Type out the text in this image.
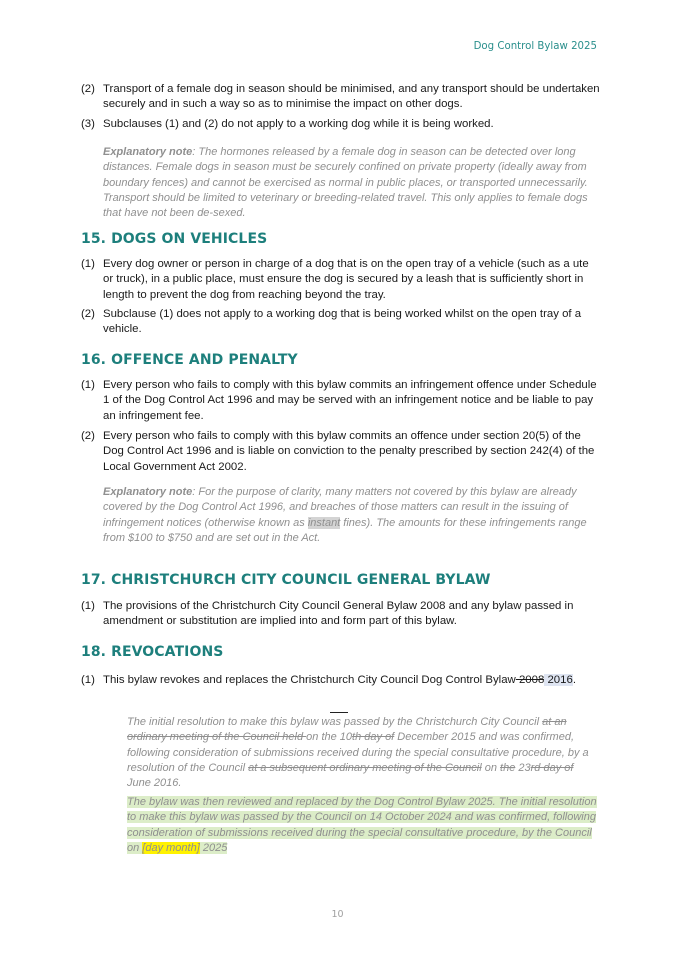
Dog Control Bylaw 2025
(2) Transport of a female dog in season should be minimised, and any transport should be undertaken securely and in such a way so as to minimise the impact on other dogs.
(3) Subclauses (1) and (2) do not apply to a working dog while it is being worked.
Explanatory note: The hormones released by a female dog in season can be detected over long distances. Female dogs in season must be securely confined on private property (ideally away from boundary fences) and cannot be exercised as normal in public places, or transported unnecessarily. Transport should be limited to veterinary or breeding-related travel. This only applies to female dogs that have not been de-sexed.
15. DOGS ON VEHICLES
(1) Every dog owner or person in charge of a dog that is on the open tray of a vehicle (such as a ute or truck), in a public place, must ensure the dog is secured by a leash that is sufficiently short in length to prevent the dog from reaching beyond the tray.
(2) Subclause (1) does not apply to a working dog that is being worked whilst on the open tray of a vehicle.
16. OFFENCE AND PENALTY
(1) Every person who fails to comply with this bylaw commits an infringement offence under Schedule 1 of the Dog Control Act 1996 and may be served with an infringement notice and be liable to pay an infringement fee.
(2) Every person who fails to comply with this bylaw commits an offence under section 20(5) of the Dog Control Act 1996 and is liable on conviction to the penalty prescribed by section 242(4) of the Local Government Act 2002.
Explanatory note: For the purpose of clarity, many matters not covered by this bylaw are already covered by the Dog Control Act 1996, and breaches of those matters can result in the issuing of infringement notices (otherwise known as instant fines). The amounts for these infringements range from $100 to $750 and are set out in the Act.
17. CHRISTCHURCH CITY COUNCIL GENERAL BYLAW
(1) The provisions of the Christchurch City Council General Bylaw 2008 and any bylaw passed in amendment or substitution are implied into and form part of this bylaw.
18. REVOCATIONS
(1) This bylaw revokes and replaces the Christchurch City Council Dog Control Bylaw 2008 2016.
The initial resolution to make this bylaw was passed by the Christchurch City Council at an ordinary meeting of the Council held on the 10th day of December 2015 and was confirmed, following consideration of submissions received during the special consultative procedure, by a resolution of the Council at a subsequent ordinary meeting of the Council on the 23rd day of June 2016.
The bylaw was then reviewed and replaced by the Dog Control Bylaw 2025. The initial resolution to make this bylaw was passed by the Council on 14 October 2024 and was confirmed, following consideration of submissions received during the special consultative procedure, by the Council on [day month] 2025
10
